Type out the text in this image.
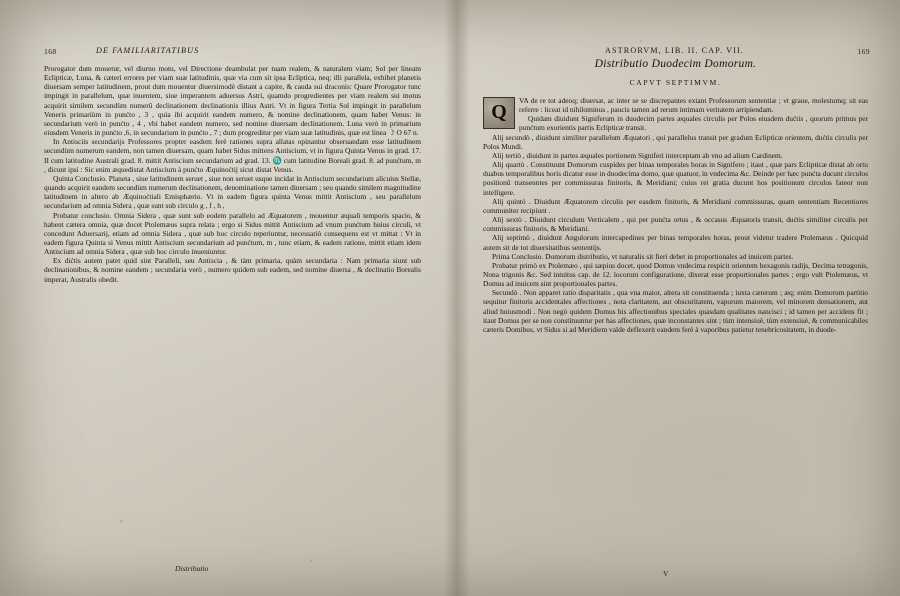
168	DE FAMILIARITATIBUS

Prorogator dum mouetur, vel diurno motu, vel Directione deambulat per tuam realem, & naturalem viam; Sol per lineam Eclipticæ, Luna, & cæteri errores per viam suæ latitudinis, quæ via cum sit ipsa Ecliptica, neq; illi parallela, exhibet planetis diuersam semper latitudinem, prout dum mouentur diuersimodè distant a capite, & cauda sui draconis: Quare Prorogator tunc impingit in parallelum, quæ inuentem, siue imperantem aduersus Astri, quamdo progredientes per viam realem sui motus acquirit similem secundùm numerû declinationem declinationis illius Astri. Vt in figura Tertia Sol impingit in parallelum Veneris primariùm in punćto , 3 , quia ibi acquirit eandem numero, & nomine declinationem, quam habet Venus: in secundarium verò in punćto , 4 , vbi habet eandem numero, sed nomine diuersam declinationem. Luna verò in primarium eiusdem Veneris in punćto ,6, in secundarium in punćto , 7 ; dum progreditur per viam suæ latitudinis, quæ est linea ☽ O 67 n.

In Antisciis secundarijs Professores propter easdem ferè rationes supra allatas opinantur obseruandam esse latitudinem secundùm numerum eandem, non tamen diuersam, quam habet Sidus mittens Antiscium, vt in figura Quinta Venus in grad. 17. II cum latitudine Australi grad. 8. mittit Antiscium secundarium ad grad. 13. ♏ cum latitudine Boreali grad. 8. ad punćtum, m , dicunt ipsi : Sic enim æquedistat Antiscium à punćto Æquinoćtij sicut distat Venus.

Quinta Conclusio. Planeta , siue latitudinem seruet , siue non seruet usque incidat in Antiscium secundarium alicuius Stellæ, quando acquirit eandem secundùm numerum declinationem, denominatione tamen diuersam ; seu quando similem magnitudine latitudinem in altero ab Æquinoćtiali Emisphærio. Vt in eadem figura quinta Venus mittit Antiscium , seu parallelum secundarium ad omnia Sidera , quæ sunt sub circulo g , f , h ,

Probatur conclusio. Omnia Sidera , quæ sunt sub eodem parallelo ad Æquatorem , mouentur æquali temporis spacio, & habent cætera omnia, quæ docet Ptolemæus supra relata ; ergo si Sidus mittit Antiscium ad vnum punćtum huius circuli, vt concedunt Aduersarij, etiam ad omnia Sidera , quæ sub hoc circulo reperiuntur, necessariò consequens est vt mittat : Vt in eadem figura Quinta si Venus mittit Antiscium secundarium ad punćtum, m , tunc etiam, & eadem ratione, mittit etiam idem Antiscium ad omnia Sidera , quæ sub hoc circulo inueniuntur.

Ex dićtis autem patet quid sint Paralleli, seu Antiscia , & tàm primaria, quàm secundaria : Nam primaria siunt sub declinationibus, & nomine eandem ; secundaria verò , numero quidem sub eadem, sed nomine diuersa , & declinatio Borealis imperat, Australis obedit.

Distributio
ASTRORVM, LIB. II. CAP. VII.	169
Distributio Duodecim Domorum.
CAPVT SEPTIMVM.

Q
VA de re tot adeoq; diuersæ, ac inter se se discrepantes extant Professorum sententiæ ; vt graue, molestumq; sit eas referre : liceat id nihilominus , paucis tamen ad rerum intimam veritatem arripiendam.

Quidam diuidunt Signiferum in duodecim partes æquales circulis per Polos eiusdem dućtis , quorum primus per punćtum exorientis partis Eclipticæ transit.

Alij secundò , diuidunt similiter parallelum Æquatori , qui parallelus transit per gradum Eclipticæ orientem, dućtis circulis per Polos Mundi.

Alij tertiò , diuidunt in partes æquales portionem Signiferi interceptam ab vno ad alium Cardinem.

Alij quartò . Constituunt Domorum cuspides per binas temporales horas in Signifero ; itaut , quæ pars Eclipticæ distat ab ortu duabus temporalibus horis dicatur esse in duodecima domo, quæ quatuor, in vndecima &c. Deinde per hæc punćta ducunt circulos positionû transeuntes per commissuras finitoris, & Meridiani; cuius rei gratia ducunt hos positionum circulos fateor non intelligere.

Alij quintò . Diuidunt Æquatorem circulis per easdem finitoris, & Meridiani commissuras, quam sententiam Recentiores communiter recipiunt .

Alij sextò . Diuidunt circulum Verticalem , qui per punćta ortus , & occasus Æquatoris transit, dućtis similiter circulis per commissuras finitoris, & Meridiani.

Alij septimò , diuidunt Angulorum intercapedines per binas temporales horas, prout videtur tradere Ptolemæus . Quicquid autem sit de tot diuersitatibus sententijs.

Prima Conclusio. Domorum distributio, vt naturalis sit fieri debet in proportionales ad inuicem partes.

Probatur primò ex Ptolemæo , qui sæpius docet, quod Domus vndecima respicit orientem hexagonis radijs, Decima tetragonis, Nona trigonis &c. Sed intuitus cap. de 12. locorum configuratione, dixerat esse proportionales partes ; ergo vult Ptolemæus, vt Domus ad inuicem sint proportionales partes.

Secundò . Non apparet ratio disparitatis , qua vna maior, altera sit constituenda ; iuxta cæterum ; æq; enim Domorum partitio sequitur finitoris accidentales affectiones , nota claritatem, aut obscuritatem, vaporum maiorem, vel minorem densationem, aut aliud huiusmodi . Non negò quidem Domus his affectionibus speciales quasdam qualitates nancisci ; id tamen per accidens fit ; itaut Domus per se non constituuntur per has affectiones, quæ inconstantes sint ; tùm intensiuè, tùm extensiuè, & communicabiles cæteris Domibus, vt Sidus si ad Meridiem valde deflexerit eandem ferè à vaporibus patietur tenebricositatem, in duode-

V
